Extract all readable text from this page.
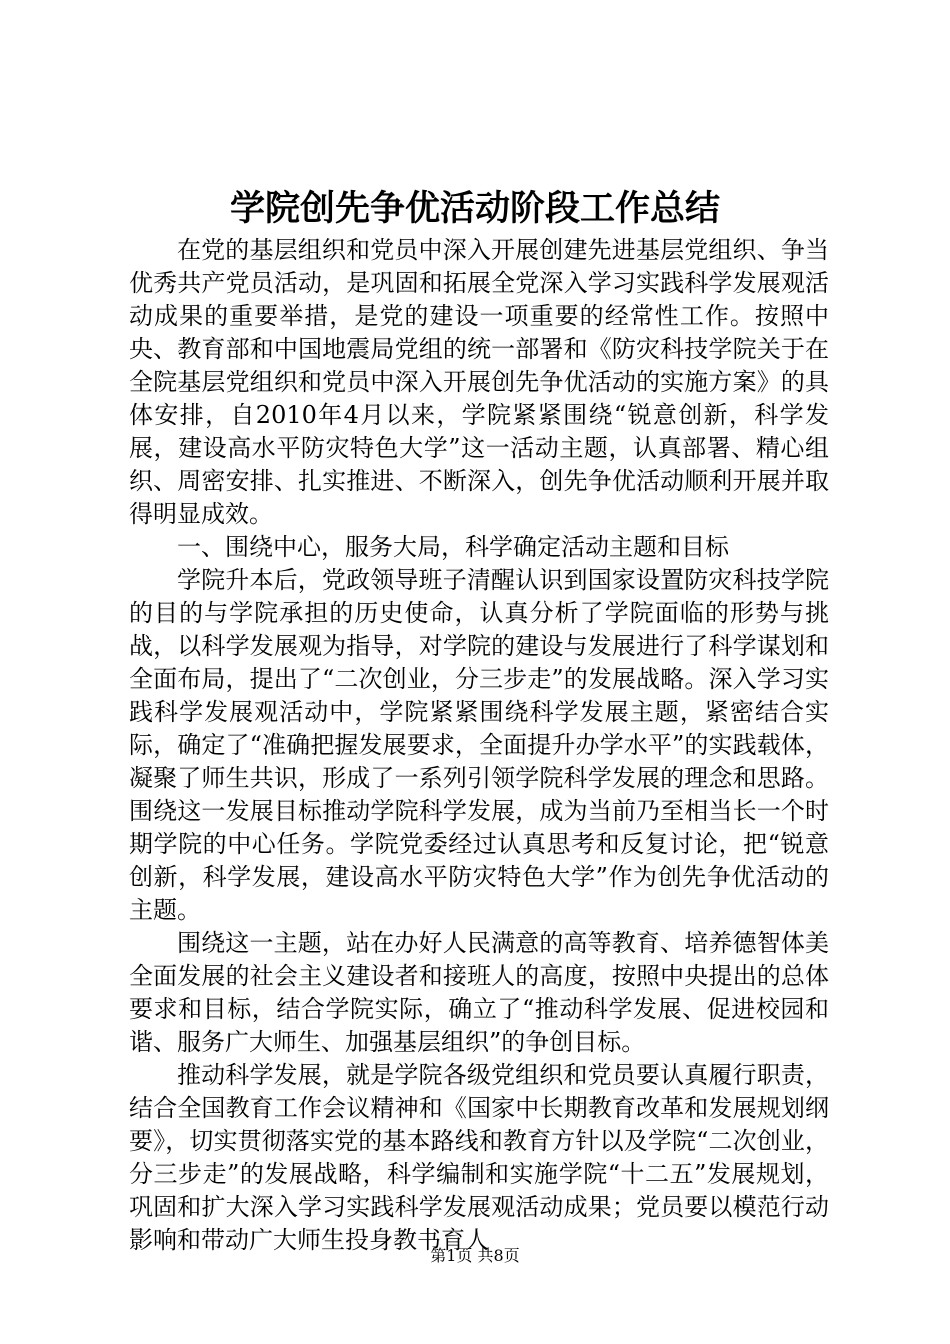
学院创先争优活动阶段工作总结

在党的基层组织和党员中深入开展创建先进基层党组织、争当优秀共产党员活动，是巩固和拓展全党深入学习实践科学发展观活动成果的重要举措，是党的建设一项重要的经常性工作。按照中央、教育部和中国地震局党组的统一部署和《防灾科技学院关于在全院基层党组织和党员中深入开展创先争优活动的实施方案》的具体安排，自2010年4月以来，学院紧紧围绕“锐意创新，科学发展，建设高水平防灾特色大学”这一活动主题，认真部署、精心组织、周密安排、扎实推进、不断深入，创先争优活动顺利开展并取得明显成效。

一、围绕中心，服务大局，科学确定活动主题和目标

学院升本后，党政领导班子清醒认识到国家设置防灾科技学院的目的与学院承担的历史使命，认真分析了学院面临的形势与挑战，以科学发展观为指导，对学院的建设与发展进行了科学谋划和全面布局，提出了“二次创业，分三步走”的发展战略。深入学习实践科学发展观活动中，学院紧紧围绕科学发展主题，紧密结合实际，确定了“准确把握发展要求，全面提升办学水平”的实践载体，凝聚了师生共识，形成了一系列引领学院科学发展的理念和思路。围绕这一发展目标推动学院科学发展，成为当前乃至相当长一个时期学院的中心任务。学院党委经过认真思考和反复讨论，把“锐意创新，科学发展，建设高水平防灾特色大学”作为创先争优活动的主题。

围绕这一主题，站在办好人民满意的高等教育、培养德智体美全面发展的社会主义建设者和接班人的高度，按照中央提出的总体要求和目标，结合学院实际，确立了“推动科学发展、促进校园和谐、服务广大师生、加强基层组织”的争创目标。

推动科学发展，就是学院各级党组织和党员要认真履行职责，结合全国教育工作会议精神和《国家中长期教育改革和发展规划纲要》，切实贯彻落实党的基本路线和教育方针以及学院“二次创业，分三步走”的发展战略，科学编制和实施学院“十二五”发展规划，巩固和扩大深入学习实践科学发展观活动成果；党员要以模范行动影响和带动广大师生投身教书育人

第1页 共8页
